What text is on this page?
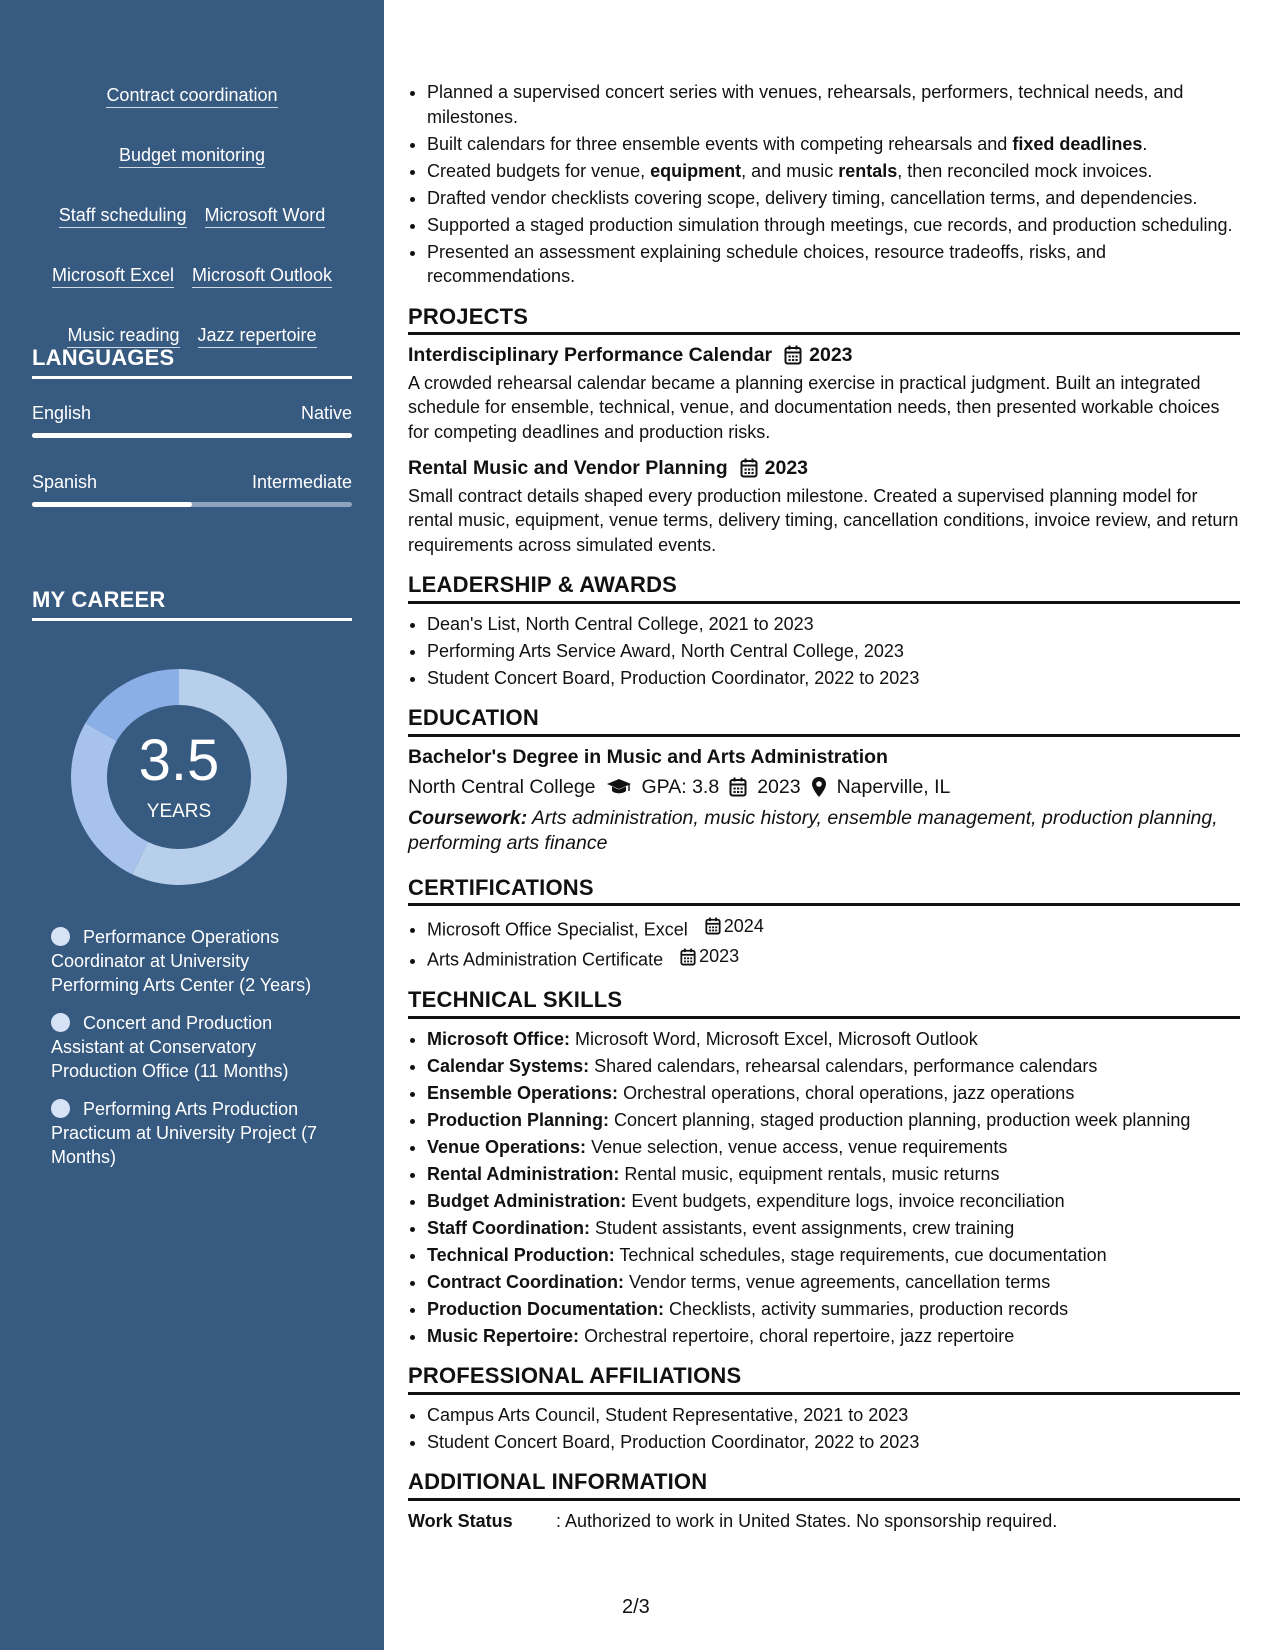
Contract coordination
Budget monitoring
Staff scheduling Microsoft Word
Microsoft Excel Microsoft Outlook
Music reading Jazz repertoire
LANGUAGES
English	Native
Spanish	Intermediate
MY CAREER
3.5
YEARS
Performance Operations Coordinator at University Performing Arts Center (2 Years)
Concert and Production Assistant at Conservatory Production Office (11 Months)
Performing Arts Production Practicum at University Project (7 Months)
• Planned a supervised concert series with venues, rehearsals, performers, technical needs, and milestones.
• Built calendars for three ensemble events with competing rehearsals and fixed deadlines.
• Created budgets for venue, equipment, and music rentals, then reconciled mock invoices.
• Drafted vendor checklists covering scope, delivery timing, cancellation terms, and dependencies.
• Supported a staged production simulation through meetings, cue records, and production scheduling.
• Presented an assessment explaining schedule choices, resource tradeoffs, risks, and recommendations.
PROJECTS
Interdisciplinary Performance Calendar 2023
A crowded rehearsal calendar became a planning exercise in practical judgment. Built an integrated schedule for ensemble, technical, venue, and documentation needs, then presented workable choices for competing deadlines and production risks.
Rental Music and Vendor Planning 2023
Small contract details shaped every production milestone. Created a supervised planning model for rental music, equipment, venue terms, delivery timing, cancellation conditions, invoice review, and return requirements across simulated events.
LEADERSHIP & AWARDS
• Dean's List, North Central College, 2021 to 2023
• Performing Arts Service Award, North Central College, 2023
• Student Concert Board, Production Coordinator, 2022 to 2023
EDUCATION
Bachelor's Degree in Music and Arts Administration
North Central College GPA: 3.8 2023 Naperville, IL
Coursework: Arts administration, music history, ensemble management, production planning, performing arts finance
CERTIFICATIONS
• Microsoft Office Specialist, Excel 2024
• Arts Administration Certificate 2023
TECHNICAL SKILLS
• Microsoft Office: Microsoft Word, Microsoft Excel, Microsoft Outlook
• Calendar Systems: Shared calendars, rehearsal calendars, performance calendars
• Ensemble Operations: Orchestral operations, choral operations, jazz operations
• Production Planning: Concert planning, staged production planning, production week planning
• Venue Operations: Venue selection, venue access, venue requirements
• Rental Administration: Rental music, equipment rentals, music returns
• Budget Administration: Event budgets, expenditure logs, invoice reconciliation
• Staff Coordination: Student assistants, event assignments, crew training
• Technical Production: Technical schedules, stage requirements, cue documentation
• Contract Coordination: Vendor terms, venue agreements, cancellation terms
• Production Documentation: Checklists, activity summaries, production records
• Music Repertoire: Orchestral repertoire, choral repertoire, jazz repertoire
PROFESSIONAL AFFILIATIONS
• Campus Arts Council, Student Representative, 2021 to 2023
• Student Concert Board, Production Coordinator, 2022 to 2023
ADDITIONAL INFORMATION
Work Status	: Authorized to work in United States. No sponsorship required.
2/3
